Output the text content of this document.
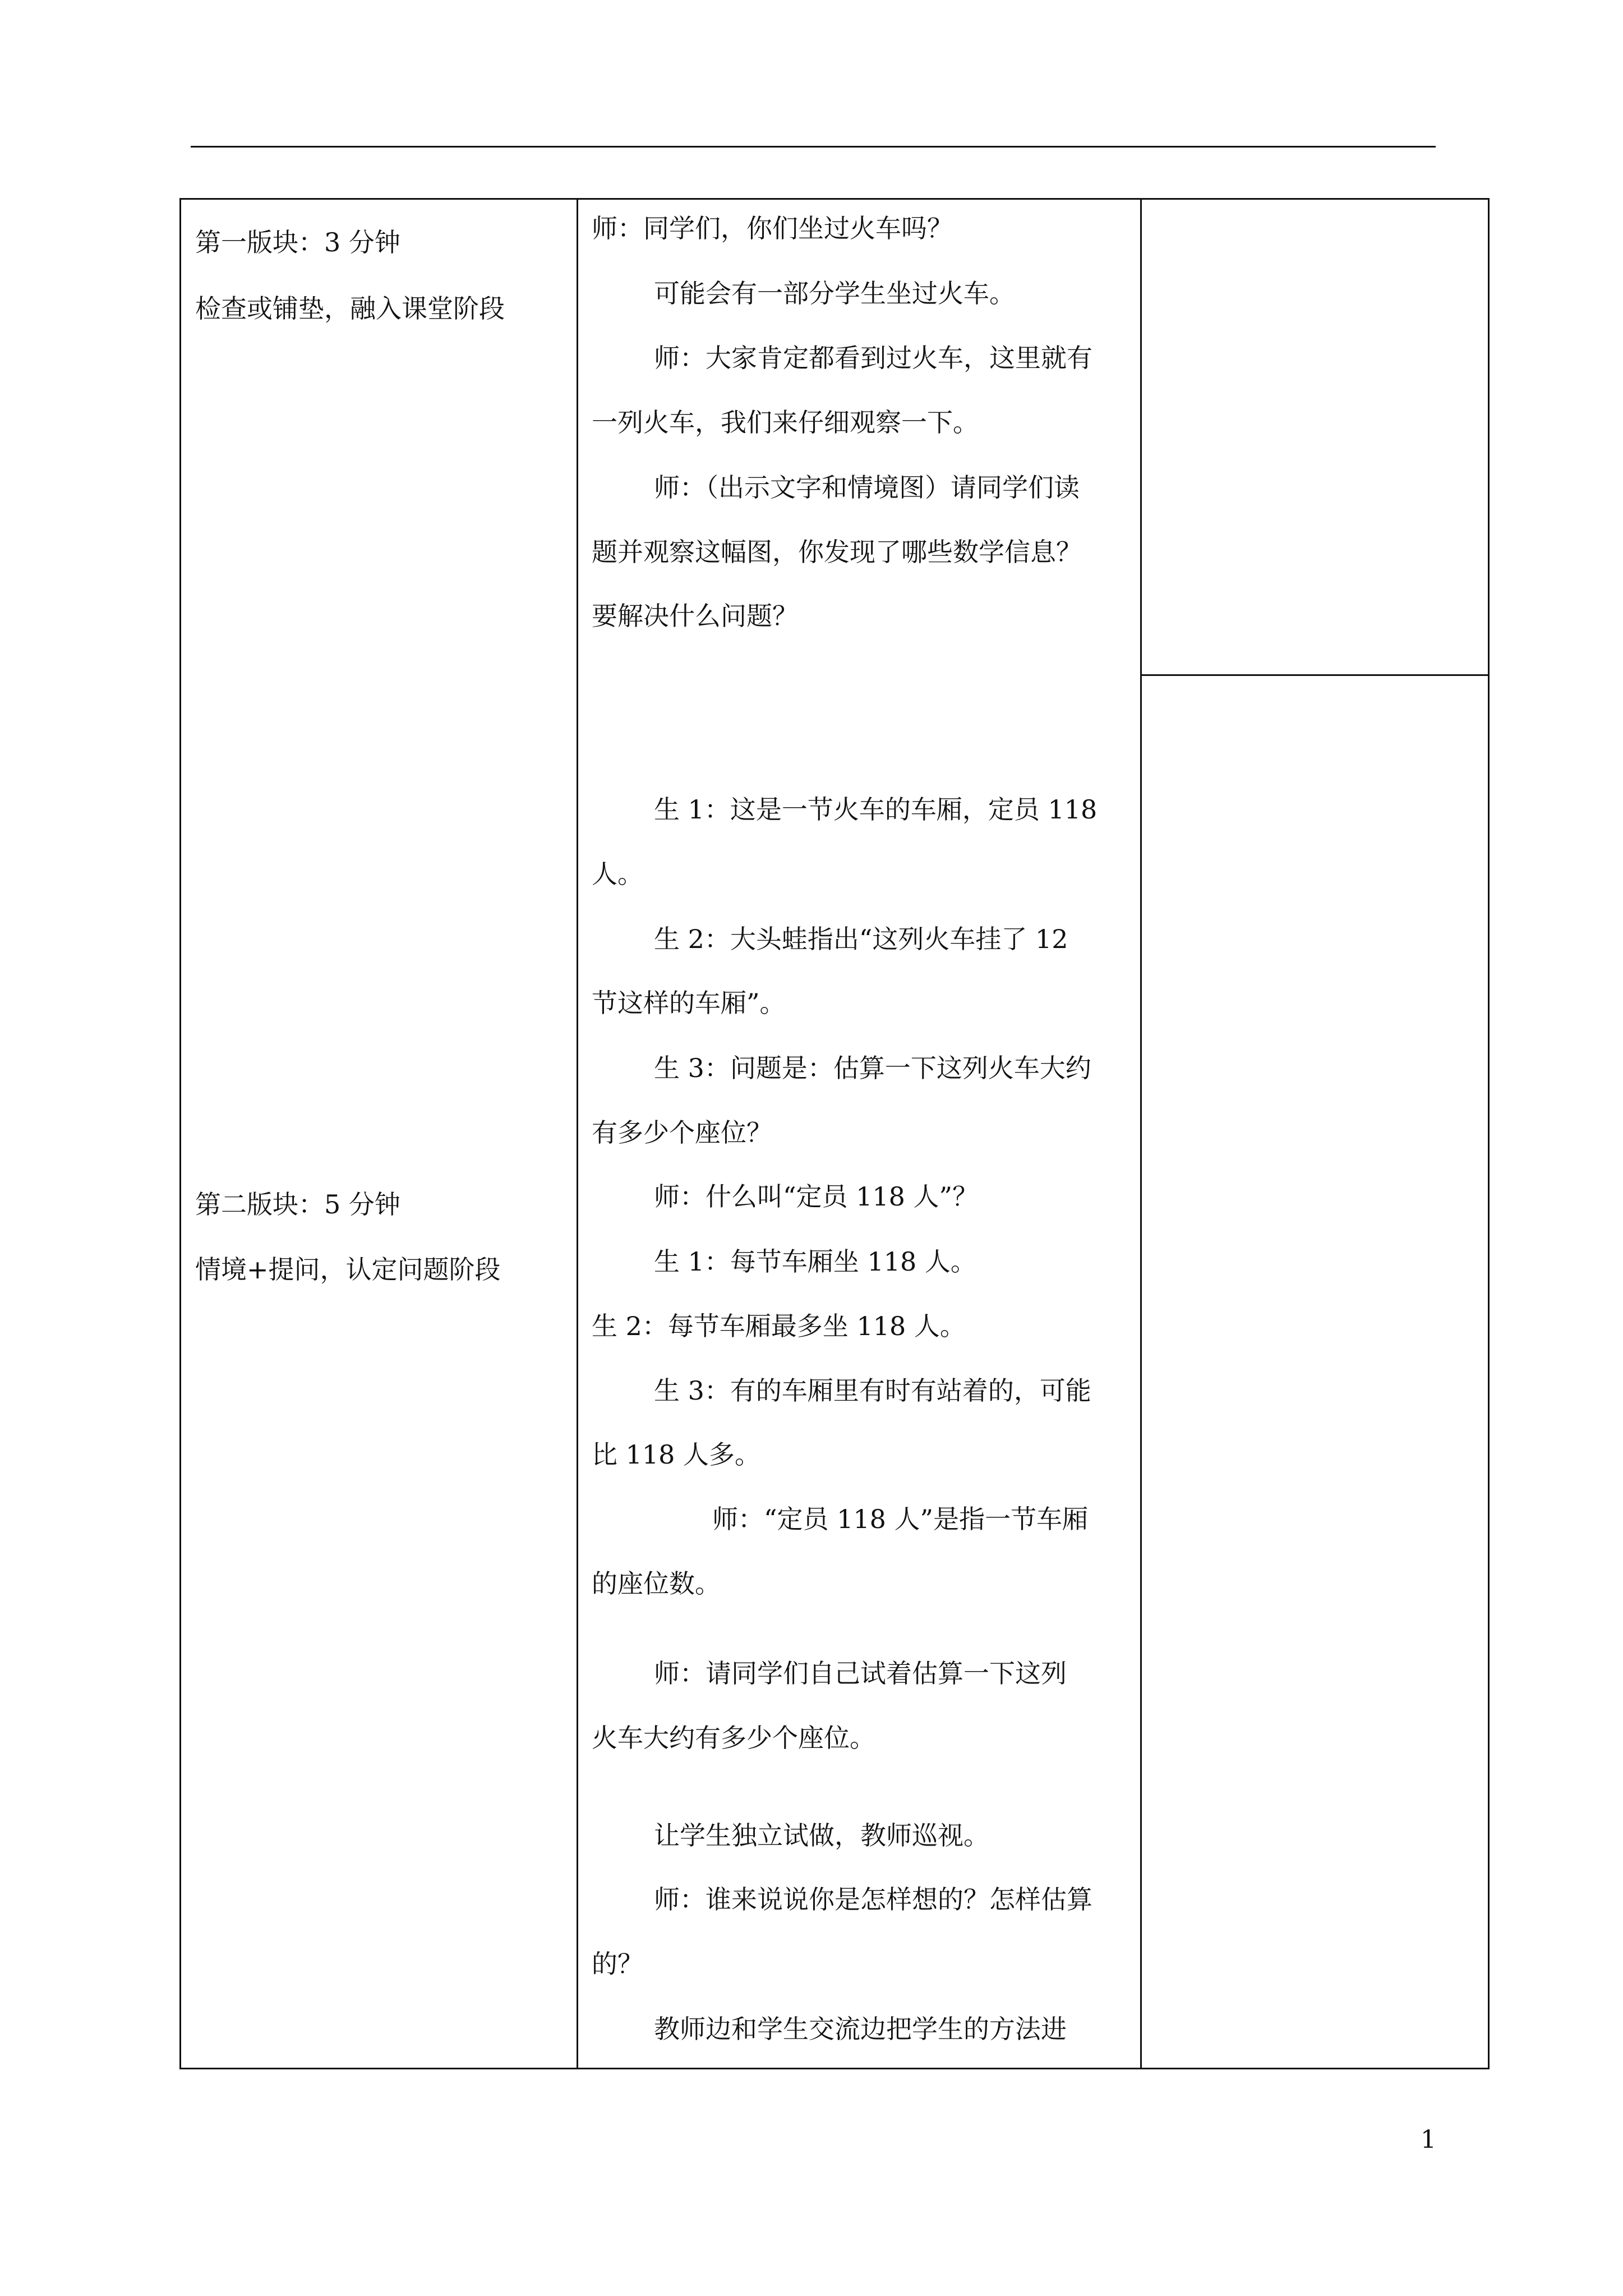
第一版块：3 分钟
检查或铺垫，融入课堂阶段
第二版块：5 分钟
情境+提问，认定问题阶段
师：同学们，你们坐过火车吗？
可能会有一部分学生坐过火车。
师：大家肯定都看到过火车，这里就有
一列火车，我们来仔细观察一下。
师：（出示文字和情境图）请同学们读
题并观察这幅图，你发现了哪些数学信息？
要解决什么问题？
生 1：这是一节火车的车厢，定员 118
人。
生 2：大头蛙指出“这列火车挂了 12
节这样的车厢”。
生 3：问题是：估算一下这列火车大约
有多少个座位？
师：什么叫“定员 118 人”？
生 1：每节车厢坐 118 人。
生 2：每节车厢最多坐 118 人。
生 3：有的车厢里有时有站着的，可能
比 118 人多。
师：“定员 118 人”是指一节车厢
的座位数。
师：请同学们自己试着估算一下这列
火车大约有多少个座位。
让学生独立试做，教师巡视。
师：谁来说说你是怎样想的？怎样估算
的？
教师边和学生交流边把学生的方法进
1
